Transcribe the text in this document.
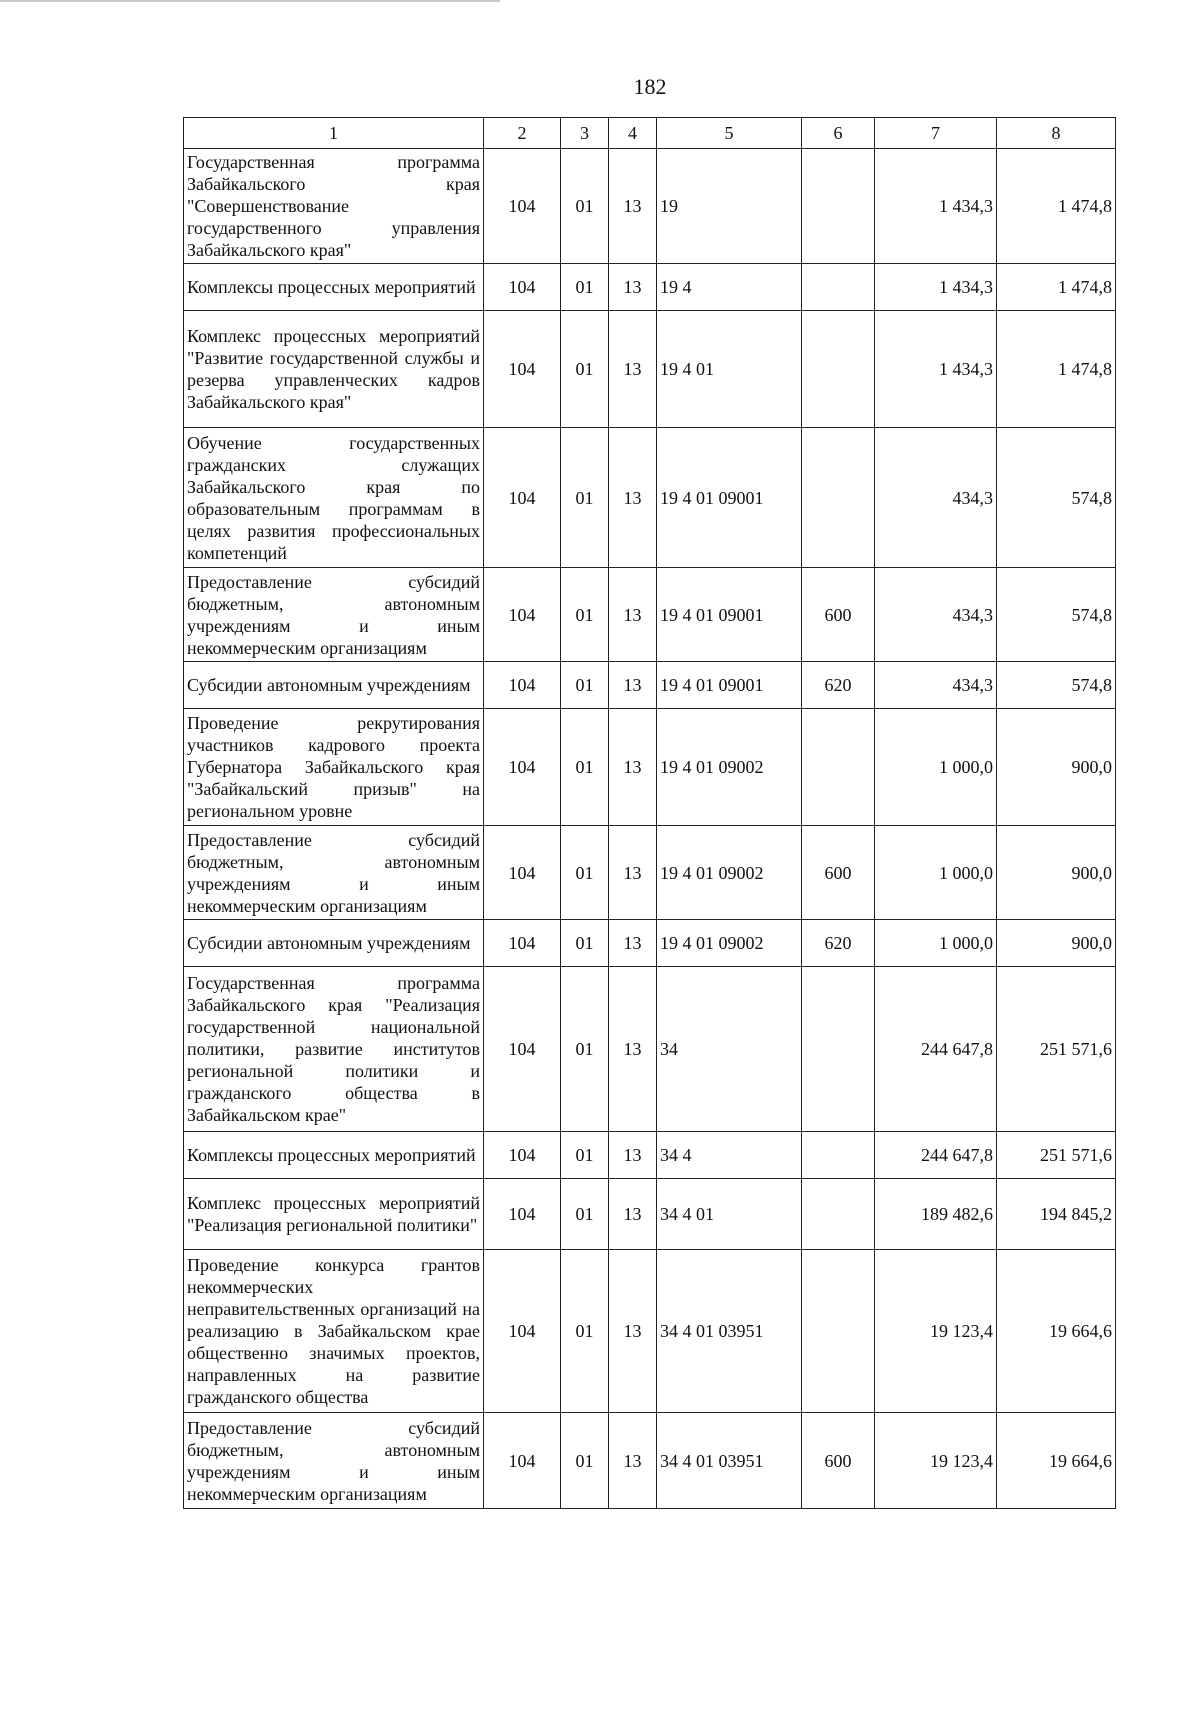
182
1	2	3	4	5	6	7	8
Государственная программа Забайкальского края "Совершенствование государственного управления Забайкальского края"	104	01	13	19		1 434,3	1 474,8
Комплексы процессных мероприятий	104	01	13	19 4		1 434,3	1 474,8
Комплекс процессных мероприятий "Развитие государственной службы и резерва управленческих кадров Забайкальского края"	104	01	13	19 4 01		1 434,3	1 474,8
Обучение государственных гражданских служащих Забайкальского края по образовательным программам в целях развития профессиональных компетенций	104	01	13	19 4 01 09001		434,3	574,8
Предоставление субсидий бюджетным, автономным учреждениям и иным некоммерческим организациям	104	01	13	19 4 01 09001	600	434,3	574,8
Субсидии автономным учреждениям	104	01	13	19 4 01 09001	620	434,3	574,8
Проведение рекрутирования участников кадрового проекта Губернатора Забайкальского края "Забайкальский призыв" на региональном уровне	104	01	13	19 4 01 09002		1 000,0	900,0
Предоставление субсидий бюджетным, автономным учреждениям и иным некоммерческим организациям	104	01	13	19 4 01 09002	600	1 000,0	900,0
Субсидии автономным учреждениям	104	01	13	19 4 01 09002	620	1 000,0	900,0
Государственная программа Забайкальского края "Реализация государственной национальной политики, развитие институтов региональной политики и гражданского общества в Забайкальском крае"	104	01	13	34		244 647,8	251 571,6
Комплексы процессных мероприятий	104	01	13	34 4		244 647,8	251 571,6
Комплекс процессных мероприятий "Реализация региональной политики"	104	01	13	34 4 01		189 482,6	194 845,2
Проведение конкурса грантов некоммерческих неправительственных организаций на реализацию в Забайкальском крае общественно значимых проектов, направленных на развитие гражданского общества	104	01	13	34 4 01 03951		19 123,4	19 664,6
Предоставление субсидий бюджетным, автономным учреждениям и иным некоммерческим организациям	104	01	13	34 4 01 03951	600	19 123,4	19 664,6
